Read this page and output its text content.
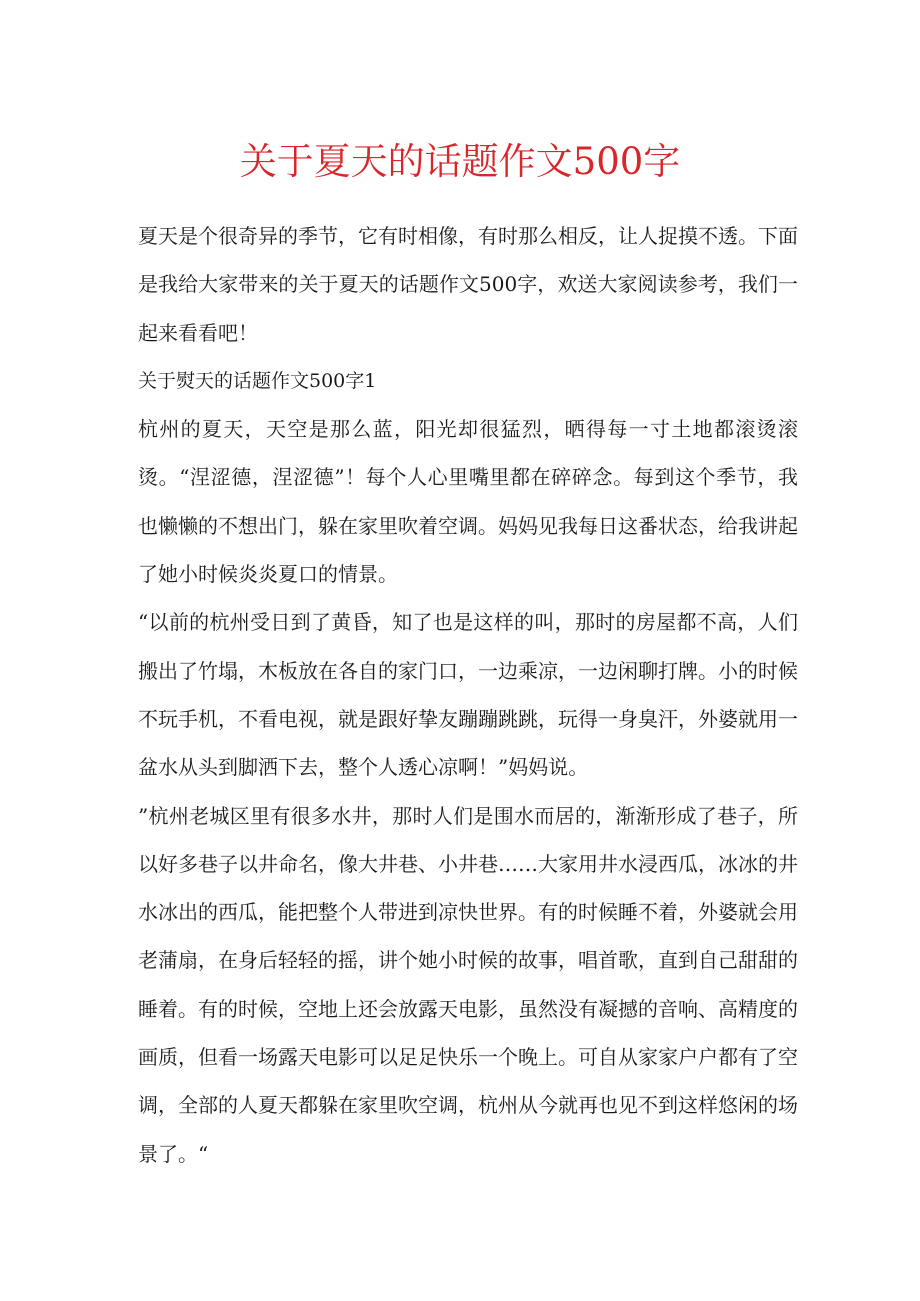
关于夏天的话题作文500字

夏天是个很奇异的季节，它有时相像，有时那么相反，让人捉摸不透。下面是我给大家带来的关于夏天的话题作文500字，欢送大家阅读参考，我们一起来看看吧！

关于熨天的话题作文500字1

杭州的夏天，天空是那么蓝，阳光却很猛烈，晒得每一寸土地都滚烫滚烫。“涅涩德，涅涩德”！每个人心里嘴里都在碎碎念。每到这个季节，我也懒懒的不想出门，躲在家里吹着空调。妈妈见我每日这番状态，给我讲起了她小时候炎炎夏口的情景。

“以前的杭州受日到了黄昏，知了也是这样的叫，那时的房屋都不高，人们搬出了竹塌，木板放在各自的家门口，一边乘凉，一边闲聊打牌。小的时候不玩手机，不看电视，就是跟好挚友蹦蹦跳跳，玩得一身臭汗，外婆就用一盆水从头到脚洒下去，整个人透心凉啊！”妈妈说。

”杭州老城区里有很多水井，那时人们是围水而居的，渐渐形成了巷子，所以好多巷子以井命名，像大井巷、小井巷……大家用井水浸西瓜，冰冰的井水冰出的西瓜，能把整个人带进到凉快世界。有的时候睡不着，外婆就会用老蒲扇，在身后轻轻的摇，讲个她小时候的故事，唱首歌，直到自己甜甜的睡着。有的时候，空地上还会放露天电影，虽然没有凝撼的音响、高精度的画质，但看一场露天电影可以足足快乐一个晚上。可自从家家户户都有了空调，全部的人夏天都躲在家里吹空调，杭州从今就再也见不到这样悠闲的场景了。“
